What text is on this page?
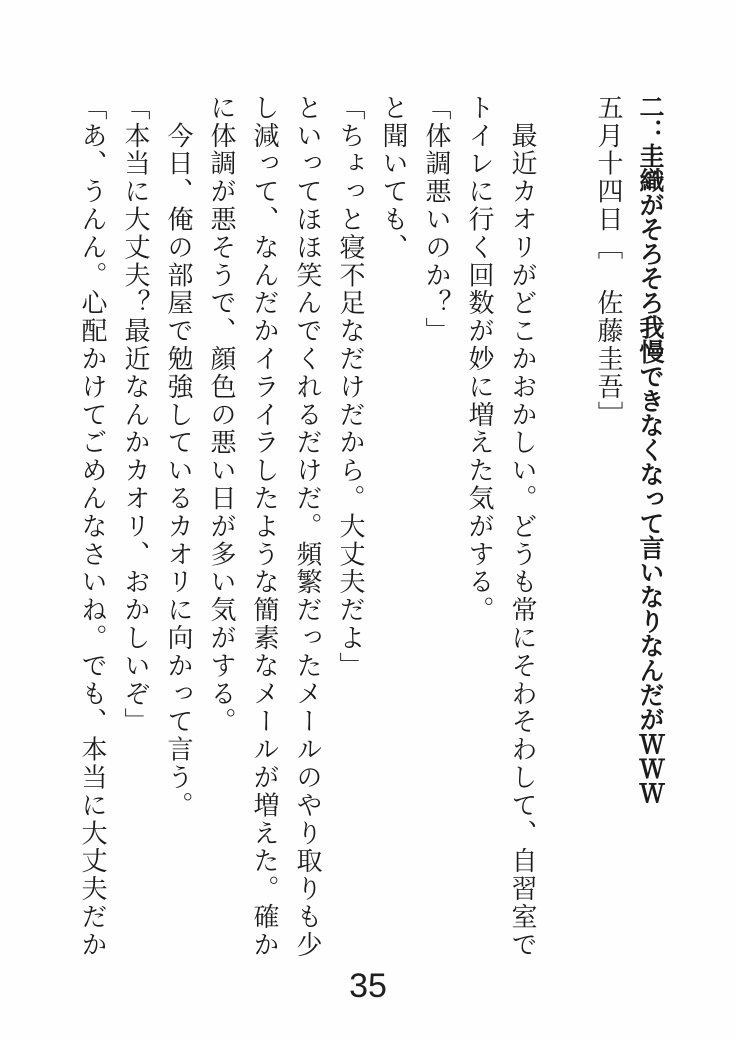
二：圭織がそろそろ我慢できなくなって言いなりなんだがＷＷＷ

五月十四日［　佐藤圭吾］

　最近カオリがどこかおかしい。どうも常にそわそわして、自習室でトイレに行く回数が妙に増えた気がする。

「体調悪いのか？」

と聞いても、

「ちょっと寝不足なだけだから。大丈夫だよ」

といってほほ笑んでくれるだけだ。頻繁だったメールのやり取りも少し減って、なんだかイライラしたような簡素なメールが増えた。確かに体調が悪そうで、顔色の悪い日が多い気がする。

　今日、俺の部屋で勉強しているカオリに向かって言う。

「本当に大丈夫？最近なんかカオリ、おかしいぞ」

「あ、うんん。心配かけてごめんなさいね。でも、本当に大丈夫だか

35
